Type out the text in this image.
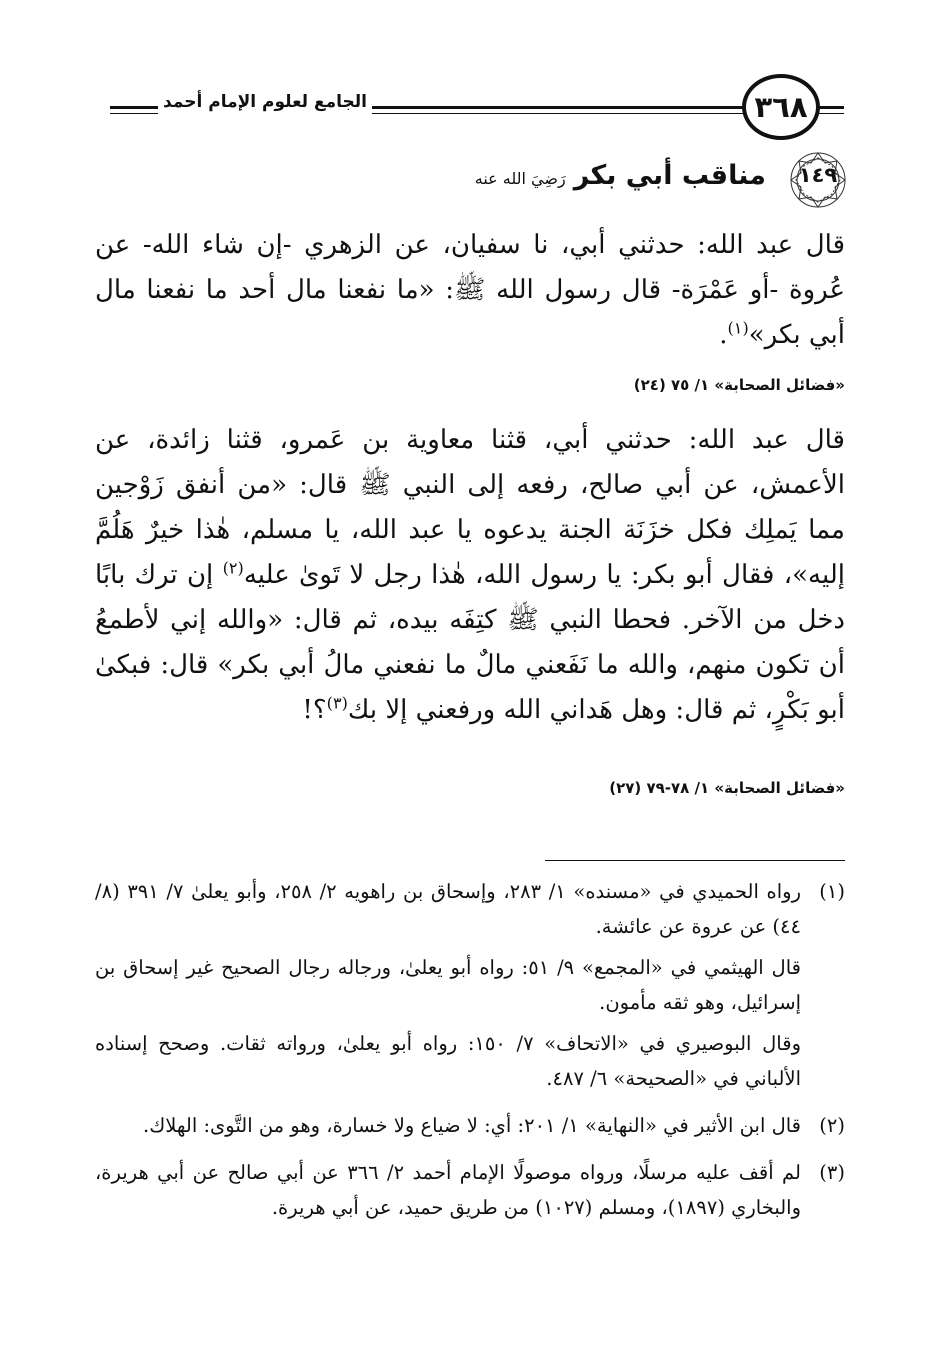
الجامع لعلوم الإمام أحمد	٣٦٨
١٤٩
مناقب أبي بكررَضِيَ الله عنه
قال عبد الله: حدثني أبي، نا سفيان، عن الزهري -إن شاء الله- عن عُروة -أو عَمْرَة- قال رسول الله ﷺ: «ما نفعنا مال أحد ما نفعنا مال أبي بكر»$^{(١)}$.
«فضائل الصحابة» ١/ ٧٥ (٢٤)
قال عبد الله: حدثني أبي، قثنا معاوية بن عَمرو، قثنا زائدة، عن الأعمش، عن أبي صالح، رفعه إلى النبي ﷺ قال: «من أنفق زَوْجين مما يَملِك فكل خزَنَة الجنة يدعوه يا عبد الله، يا مسلم، هٰذا خيرٌ هَلُمَّ إليه»، فقال أبو بكر: يا رسول الله، هٰذا رجل لا تَوىٰ عليه$^{(٢)}$ إن ترك بابًا دخل من الآخر. فحطا النبي ﷺ كتِفَه بيده، ثم قال: «والله إني لأطمعُ أن تكون منهم، والله ما نَفَعني مالٌ ما نفعني مالُ أبي بكر» قال: فبكىٰ أبو بَكْرٍ، ثم قال: وهل هَداني الله ورفعني إلا بك$^{(٣)}$؟!
«فضائل الصحابة» ١/ ٧٨-٧٩ (٢٧)
(١)

رواه الحميدي في «مسنده» ١/ ٢٨٣، وإسحاق بن راهويه ٢/ ٢٥٨، وأبو يعلىٰ ٧/ ٣٩١ (٨/ ٤٤) عن عروة عن عائشة.

قال الهيثمي في «المجمع» ٩/ ٥١: رواه أبو يعلىٰ، ورجاله رجال الصحيح غير إسحاق بن إسرائيل، وهو ثقه مأمون.

وقال البوصيري في «الاتحاف» ٧/ ١٥٠: رواه أبو يعلىٰ، ورواته ثقات. وصحح إسناده الألباني في «الصحيحة» ٦/ ٤٨٧.

(٢)

قال ابن الأثير في «النهاية» ١/ ٢٠١: أي: لا ضياع ولا خسارة، وهو من التَّوى: الهلاك.

(٣)

لم أقف عليه مرسلًا، ورواه موصولًا الإمام أحمد ٢/ ٣٦٦ عن أبي صالح عن أبي هريرة، والبخاري (١٨٩٧)، ومسلم (١٠٢٧) من طريق حميد، عن أبي هريرة.
